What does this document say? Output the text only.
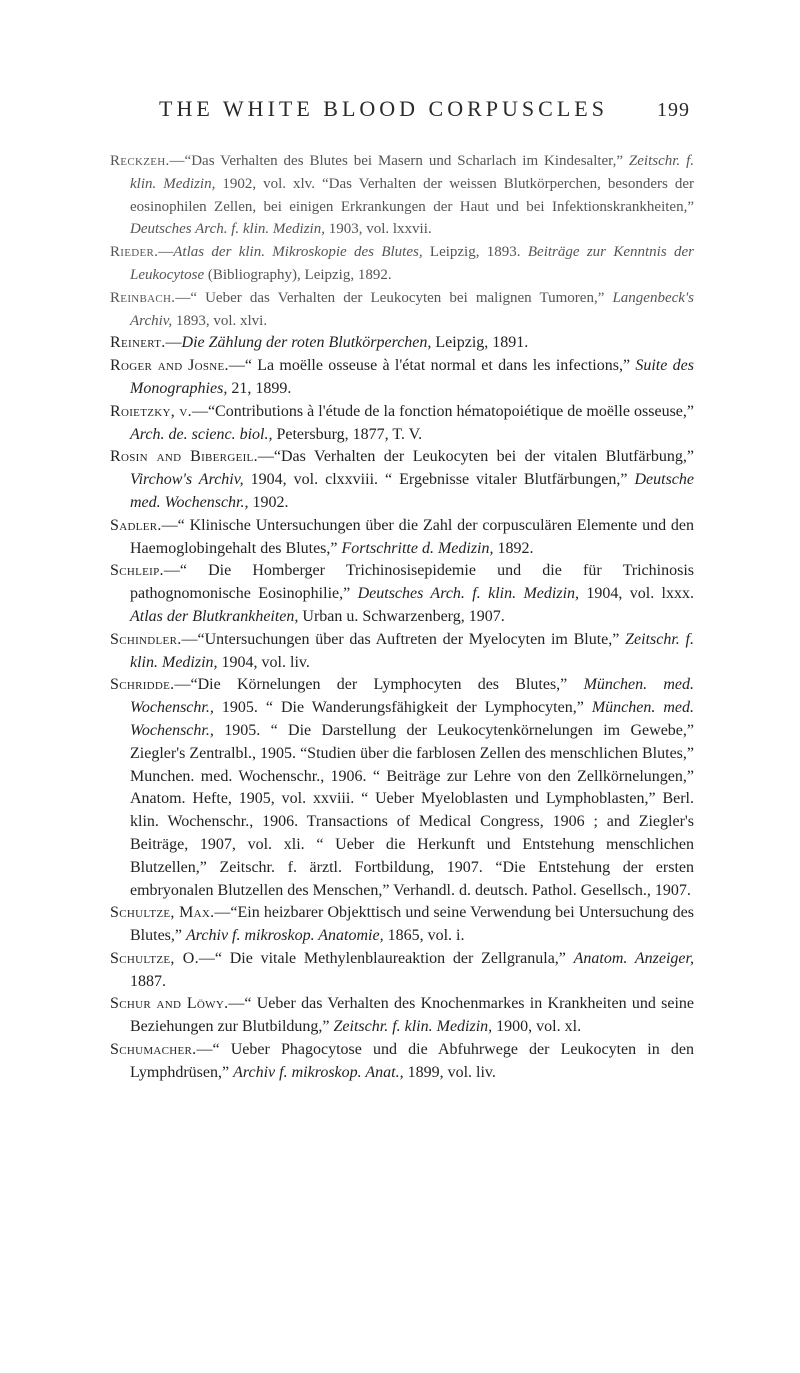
THE WHITE BLOOD CORPUSCLES	199

Reckzeh.—“Das Verhalten des Blutes bei Masern und Scharlach im Kindesalter,” Zeitschr. f. klin. Medizin, 1902, vol. xlv. “Das Verhalten der weissen Blutkörperchen, besonders der eosinophilen Zellen, bei einigen Erkrankungen der Haut und bei Infektionskrankheiten,” Deutsches Arch. f. klin. Medizin, 1903, vol. lxxvii.

Rieder.—Atlas der klin. Mikroskopie des Blutes, Leipzig, 1893. Beiträge zur Kenntnis der Leukocytose (Bibliography), Leipzig, 1892.

Reinbach.—“ Ueber das Verhalten der Leukocyten bei malignen Tumoren,” Langenbeck's Archiv, 1893, vol. xlvi.

Reinert.—Die Zählung der roten Blutkörperchen, Leipzig, 1891.

Roger and Josne.—“ La moëlle osseuse à l'état normal et dans les infections,” Suite des Monographies, 21, 1899.

Roietzky, v.—“Contributions à l'étude de la fonction hématopoiétique de moëlle osseuse,” Arch. de. scienc. biol., Petersburg, 1877, T. V.

Rosin and Bibergeil.—“Das Verhalten der Leukocyten bei der vitalen Blutfärbung,” Virchow's Archiv, 1904, vol. clxxviii. “ Ergebnisse vitaler Blutfärbungen,” Deutsche med. Wochenschr., 1902.

Sadler.—“ Klinische Untersuchungen über die Zahl der corpusculären Elemente und den Haemoglobingehalt des Blutes,” Fortschritte d. Medizin, 1892.

Schleip.—“ Die Homberger Trichinosisepidemie und die für Trichinosis pathognomonische Eosinophilie,” Deutsches Arch. f. klin. Medizin, 1904, vol. lxxx. Atlas der Blutkrankheiten, Urban u. Schwarzenberg, 1907.

Schindler.—“Untersuchungen über das Auftreten der Myelocyten im Blute,” Zeitschr. f. klin. Medizin, 1904, vol. liv.

Schridde.—“Die Körnelungen der Lymphocyten des Blutes,” München. med. Wochenschr., 1905. “ Die Wanderungsfähigkeit der Lymphocyten,” München. med. Wochenschr., 1905. “ Die Darstellung der Leukocytenkörnelungen im Gewebe,” Ziegler's Zentralbl., 1905. “Studien über die farblosen Zellen des menschlichen Blutes,” Munchen. med. Wochenschr., 1906. “ Beiträge zur Lehre von den Zellkörnelungen,” Anatom. Hefte, 1905, vol. xxviii. “ Ueber Myeloblasten und Lymphoblasten,” Berl. klin. Wochenschr., 1906. Transactions of Medical Congress, 1906 ; and Ziegler's Beiträge, 1907, vol. xli. “ Ueber die Herkunft und Entstehung menschlichen Blutzellen,” Zeitschr. f. ärztl. Fortbildung, 1907. “Die Entstehung der ersten embryonalen Blutzellen des Menschen,” Verhandl. d. deutsch. Pathol. Gesellsch., 1907.

Schultze, Max.—“Ein heizbarer Objekttisch und seine Verwendung bei Untersuchung des Blutes,” Archiv f. mikroskop. Anatomie, 1865, vol. i.

Schultze, O.—“ Die vitale Methylenblaureaktion der Zellgranula,” Anatom. Anzeiger, 1887.

Schur and Löwy.—“ Ueber das Verhalten des Knochenmarkes in Krankheiten und seine Beziehungen zur Blutbildung,” Zeitschr. f. klin. Medizin, 1900, vol. xl.

Schumacher.—“ Ueber Phagocytose und die Abfuhrwege der Leukocyten in den Lymphdrüsen,” Archiv f. mikroskop. Anat., 1899, vol. liv.
